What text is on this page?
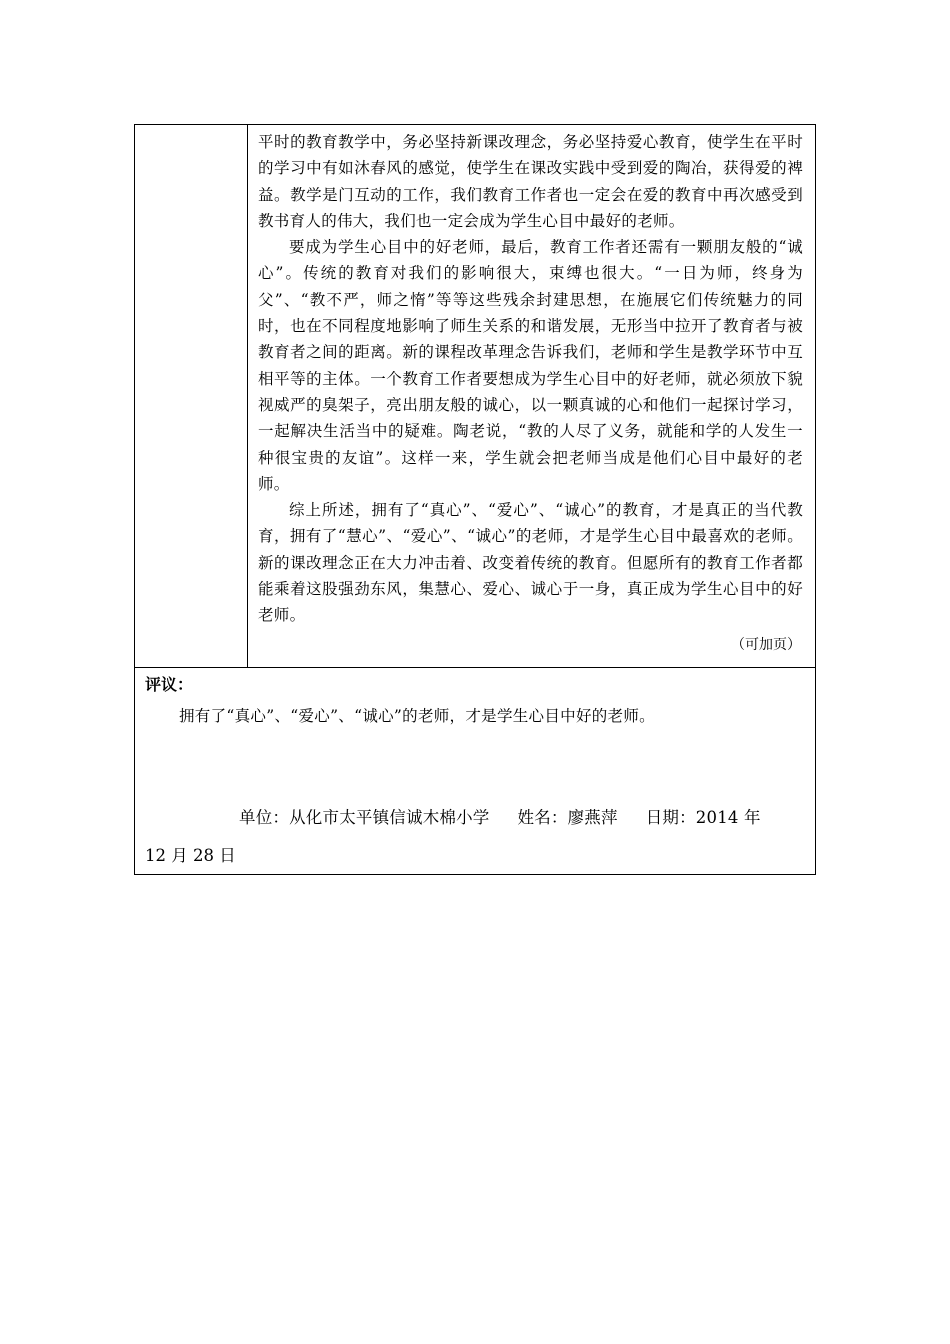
平时的教育教学中，务必坚持新课改理念，务必坚持爱心教育，使学生在平时的学习中有如沐春风的感觉，使学生在课改实践中受到爱的陶冶，获得爱的裨益。教学是门互动的工作，我们教育工作者也一定会在爱的教育中再次感受到教书育人的伟大，我们也一定会成为学生心目中最好的老师。

要成为学生心目中的好老师，最后，教育工作者还需有一颗朋友般的“诚心”。传统的教育对我们的影响很大，束缚也很大。“一日为师，终身为父”、“教不严，师之惰”等等这些残余封建思想，在施展它们传统魅力的同时，也在不同程度地影响了师生关系的和谐发展，无形当中拉开了教育者与被教育者之间的距离。新的课程改革理念告诉我们，老师和学生是教学环节中互相平等的主体。一个教育工作者要想成为学生心目中的好老师，就必须放下貌视威严的臭架子，亮出朋友般的诚心，以一颗真诚的心和他们一起探讨学习，一起解决生活当中的疑难。陶老说，“教的人尽了义务，就能和学的人发生一种很宝贵的友谊”。这样一来，学生就会把老师当成是他们心目中最好的老师。

综上所述，拥有了“真心”、“爱心”、“诚心”的教育，才是真正的当代教育，拥有了“慧心”、“爱心”、“诚心”的老师，才是学生心目中最喜欢的老师。新的课改理念正在大力冲击着、改变着传统的教育。但愿所有的教育工作者都能乘着这股强劲东风，集慧心、爱心、诚心于一身，真正成为学生心目中的好老师。

（可加页）

评议：
拥有了“真心”、“爱心”、“诚心”的老师，才是学生心目中好的老师。
单位：从化市太平镇信诚木棉小学 姓名：廖燕萍 日期：2014 年
12 月 28 日
